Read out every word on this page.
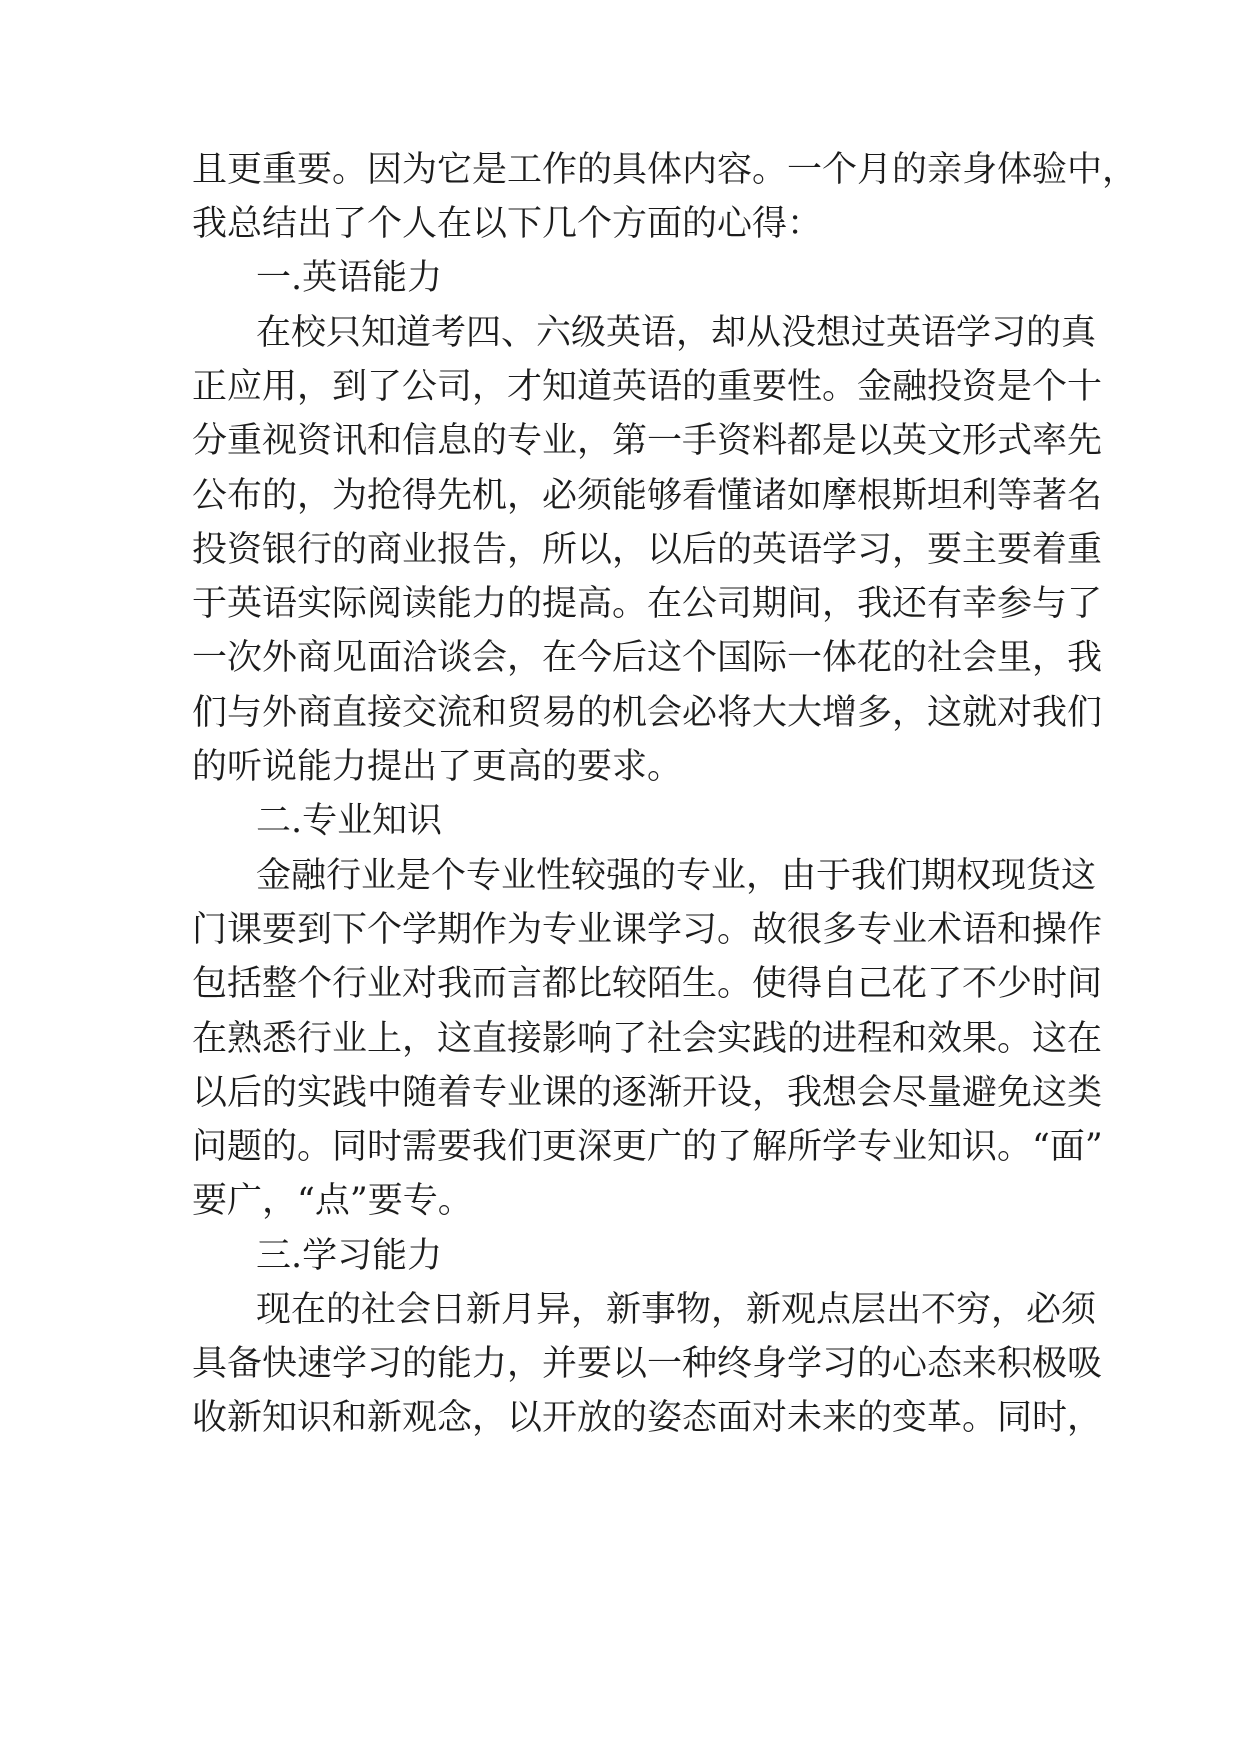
且更重要。因为它是工作的具体内容。一个月的亲身体验中，
我总结出了个人在以下几个方面的心得：
一.英语能力
在校只知道考四、六级英语，却从没想过英语学习的真
正应用，到了公司，才知道英语的重要性。金融投资是个十
分重视资讯和信息的专业，第一手资料都是以英文形式率先
公布的，为抢得先机，必须能够看懂诸如摩根斯坦利等著名
投资银行的商业报告，所以，以后的英语学习，要主要着重
于英语实际阅读能力的提高。在公司期间，我还有幸参与了
一次外商见面洽谈会，在今后这个国际一体花的社会里，我
们与外商直接交流和贸易的机会必将大大增多，这就对我们
的听说能力提出了更高的要求。
二.专业知识
金融行业是个专业性较强的专业，由于我们期权现货这
门课要到下个学期作为专业课学习。故很多专业术语和操作
包括整个行业对我而言都比较陌生。使得自己花了不少时间
在熟悉行业上，这直接影响了社会实践的进程和效果。这在
以后的实践中随着专业课的逐渐开设，我想会尽量避免这类
问题的。同时需要我们更深更广的了解所学专业知识。“面”
要广，“点”要专。
三.学习能力
现在的社会日新月异，新事物，新观点层出不穷，必须
具备快速学习的能力，并要以一种终身学习的心态来积极吸
收新知识和新观念，以开放的姿态面对未来的变革。同时，
